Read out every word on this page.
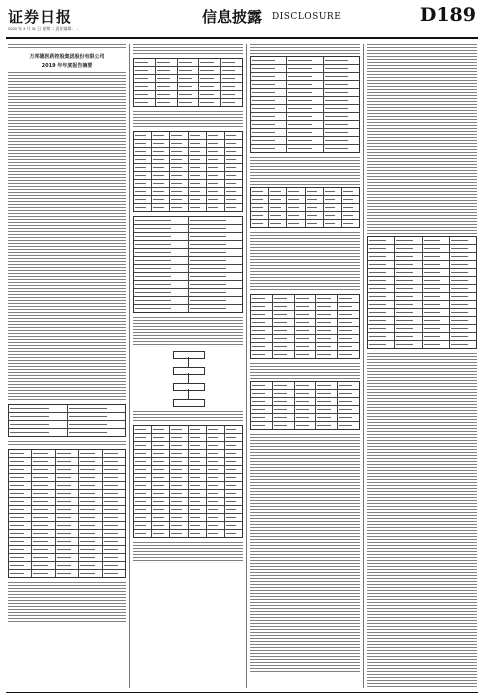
证券日报
2020 年 3 月 31 日 星期二 责任编辑：…
信息披露 DISCLOSURE	D189
万邦德医药控股集团股份有限公司
2019 年年度报告摘要
